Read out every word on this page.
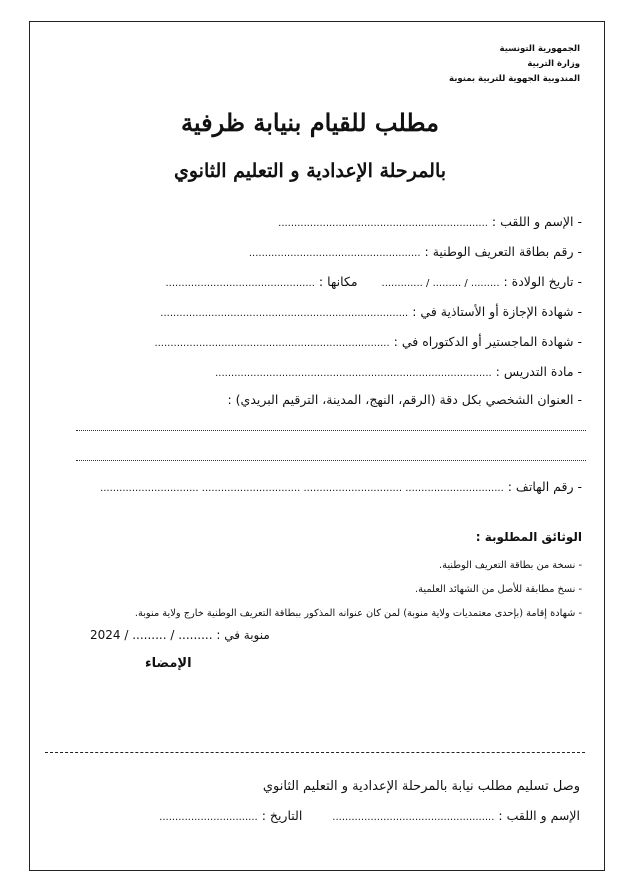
الجمهورية التونسية
وزارة التربية
المندوبية الجهوية للتربية بمنوبة
مطلب للقيام بنيابة ظرفية
بالمرحلة الإعدادية و التعليم الثانوي
- الإسم و اللقب : ..................................................................
- رقم بطاقة التعريف الوطنية : ......................................................
- تاريخ الولادة : ......... / ......... / .............  مكانها : ...............................................
- شهادة الإجازة أو الأستاذية في : ..............................................................................
- شهادة الماجستير أو الدكتوراه في : ..........................................................................
- مادة التدريس : .......................................................................................
- العنوان الشخصي بكل دقة (الرقم، النهج، المدينة، الترقيم البريدي) :
- رقم الهاتف : ............................... ............................... ............................... ...............................
الوثائق المطلوبة :
- نسخة من بطاقة التعريف الوطنية.
- نسخ مطابقة للأصل من الشهائد العلمية.
- شهادة إقامة (بإحدى معتمديات ولاية منوبة) لمن كان عنوانه المذكور ببطاقة التعريف الوطنية خارج ولاية منوبة.
منوبة في : ......... / ......... / 2024
الإمضاء
وصل تسليم مطلب نيابة بالمرحلة الإعدادية و التعليم الثانوي
الإسم و اللقب : ...................................................  التاريخ : ...............................
